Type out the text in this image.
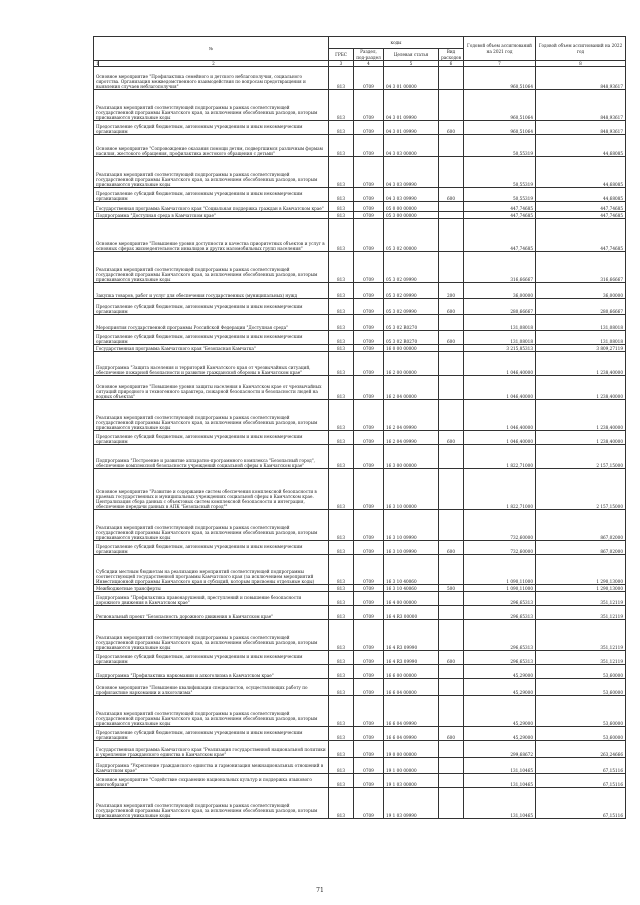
№		коды				Годовой объем ассигнований на 2021 год	Годовой объем ассигнований на 2022 год
		ГРБС	Раздел, под-раздел	Целевая статья	Вид расходов		
1	2	3	4	5	6	7	8
Основное мероприятие "Профилактика семейного и детского неблагополучия, социального сиротства. Организация межведомственного взаимодействия по вопросам предотвращения и выявления случаев неблагополучия"		813	0709	04 3 01 00000		960,51064	848,93617
Реализация мероприятий соответствующей подпрограммы в рамках соответствующей государственной программы Камчатского края, за исключением обособленных расходов, которым присваиваются уникальные коды		813	0709	04 3 01 09990		960,51064	848,93617
Предоставление субсидий бюджетным, автономным учреждениям и иным некоммерческим организациям		813	0709	04 3 01 09990	600	960,51064	848,93617
Основное мероприятие "Сопровождение оказания помощи детям, подвергшимся различным формам насилия, жестокого обращения, профилактика жестокого обращения с детьми"		813	0709	04 3 03 00000		50,55319	44,68085
Реализация мероприятий соответствующей подпрограммы в рамках соответствующей государственной программы Камчатского края, за исключением обособленных расходов, которым присваиваются уникальные коды		813	0709	04 3 03 09990		50,55319	44,68085
Предоставление субсидий бюджетным, автономным учреждениям и иным некоммерческим организациям		813	0709	04 3 03 09990	600	50,55319	44,68085
Государственная программа Камчатского края "Социальная поддержка граждан в Камчатском крае"		813	0709	05 0 00 00000		447,74685	447,74685
Подпрограмма "Доступная среда в Камчатском крае"		813	0709	05 3 00 00000		447,74685	447,74685
Основное мероприятие "Повышение уровня доступности и качества приоритетных объектов и услуг в основных сферах жизнедеятельности инвалидов и других маломобильных групп населения"		813	0709	05 3 02 00000		447,74685	447,74685
Реализация мероприятий соответствующей подпрограммы в рамках соответствующей государственной программы Камчатского края, за исключением обособленных расходов, которым присваиваются уникальные коды		813	0709	05 3 02 09990		316,66667	316,66667
Закупка товаров, работ и услуг для обеспечения государственных (муниципальных) нужд		813	0709	05 3 02 09990	200	36,00000	36,00000
Предоставление субсидий бюджетным, автономным учреждениям и иным некоммерческим организациям		813	0709	05 3 02 09990	600	280,66667	280,66667
Мероприятия государственной программы Российской Федерации "Доступная среда"		813	0709	05 3 02 R0270		131,08018	131,08018
Предоставление субсидий бюджетным, автономным учреждениям и иным некоммерческим организациям		813	0709	05 3 02 R0270	600	131,08018	131,08018
Государственная программа Камчатского края "Безопасная Камчатка"		813	0709	16 0 00 00000		3 215,85313	3 809,27119
Подпрограмма "Защита населения и территорий Камчатского края от чрезвычайных ситуаций, обеспечение пожарной безопасности и развитие гражданской обороны в Камчатском крае"		813	0709	16 2 00 00000		1 046,40000	1 238,40000
Основное мероприятие "Повышение уровня защиты населения в Камчатском крае от чрезвычайных ситуаций природного и техногенного характера, пожарной безопасности и безопасности людей на водных объектах"		813	0709	16 2 04 00000		1 046,40000	1 238,40000
Реализация мероприятий соответствующей подпрограммы в рамках соответствующей государственной программы Камчатского края, за исключением обособленных расходов, которым присваиваются уникальные коды		813	0709	16 2 04 09990		1 046,40000	1 238,40000
Предоставление субсидий бюджетным, автономным учреждениям и иным некоммерческим организациям		813	0709	16 2 04 09990	600	1 046,40000	1 238,40000
Подпрограмма "Построение и развитие аппаратно-программного комплекса "Безопасный город", обеспечение комплексной безопасности учреждений социальной сферы в Камчатском крае"		813	0709	16 3 00 00000		1 822,71000	2 157,15000
Основное мероприятие "Развитие и содержание систем обеспечения комплексной безопасности в краевых государственных и муниципальных учреждениях социальной сферы в Камчатском крае. Централизация сбора данных с объектовых систем комплексной безопасности и интеграция, обеспечение передачи данных в АПК "Безопасный город""		813	0709	16 3 10 00000		1 822,71000	2 157,15000
Реализация мероприятий соответствующей подпрограммы в рамках соответствующей государственной программы Камчатского края, за исключением обособленных расходов, которым присваиваются уникальные коды		813	0709	16 3 10 09990		732,60000	867,02000
Предоставление субсидий бюджетным, автономным учреждениям и иным некоммерческим организациям		813	0709	16 3 10 09990	600	732,60000	867,02000
Субсидии местным бюджетам на реализацию мероприятий соответствующей подпрограммы соответствующей государственной программы Камчатского края (за исключением мероприятий Инвестиционной программы Камчатского края и субсидий, которым присвоены отдельные коды)		813	0709	16 3 10 40060		1 090,11000	1 290,13000
Межбюджетные трансферты		813	0709	16 3 10 40060	500	1 090,11000	1 290,13000
Подпрограмма "Профилактика правонарушений, преступлений и повышение безопасности дорожного движения в Камчатском крае"		813	0709	16 4 00 00000		296,65313	351,12119
Региональный проект "Безопасность дорожного движения в Камчатском крае"		813	0709	16 4 R3 00000		296,65313	351,12119
Реализация мероприятий соответствующей подпрограммы в рамках соответствующей государственной программы Камчатского края, за исключением обособленных расходов, которым присваиваются уникальные коды		813	0709	16 4 R3 09990		296,65313	351,12119
Предоставление субсидий бюджетным, автономным учреждениям и иным некоммерческим организациям		813	0709	16 4 R3 09990	600	296,65313	351,12119
Подпрограмма "Профилактика наркомании и алкоголизма в Камчатском крае"		813	0709	16 6 00 00000		45,29000	53,60000
Основное мероприятие "Повышение квалификации специалистов, осуществляющих работу по профилактике наркомании и алкоголизма"		813	0709	16 6 04 00000		45,29000	53,60000
Реализация мероприятий соответствующей подпрограммы в рамках соответствующей государственной программы Камчатского края, за исключением обособленных расходов, которым присваиваются уникальные коды		813	0709	16 6 04 09990		45,29000	53,60000
Предоставление субсидий бюджетным, автономным учреждениям и иным некоммерческим организациям		813	0709	16 6 04 09990	600	45,29000	53,60000
Государственная программа Камчатского края "Реализация государственной национальной политики и укрепление гражданского единства в Камчатском крае"		813	0709	19 0 00 00000		299,68672	263,24666
Подпрограмма "Укрепление гражданского единства и гармонизация межнациональных отношений в Камчатском крае"		813	0709	19 1 00 00000		131,10465	67,15116
Основное мероприятие "Содействие сохранению национальных культур и поддержка языкового многообразия"		813	0709	19 1 03 00000		131,10465	67,15116
Реализация мероприятий соответствующей подпрограммы в рамках соответствующей государственной программы Камчатского края, за исключением обособленных расходов, которым присваиваются уникальные коды		813	0709	19 1 03 09990		131,10465	67,15116
71
